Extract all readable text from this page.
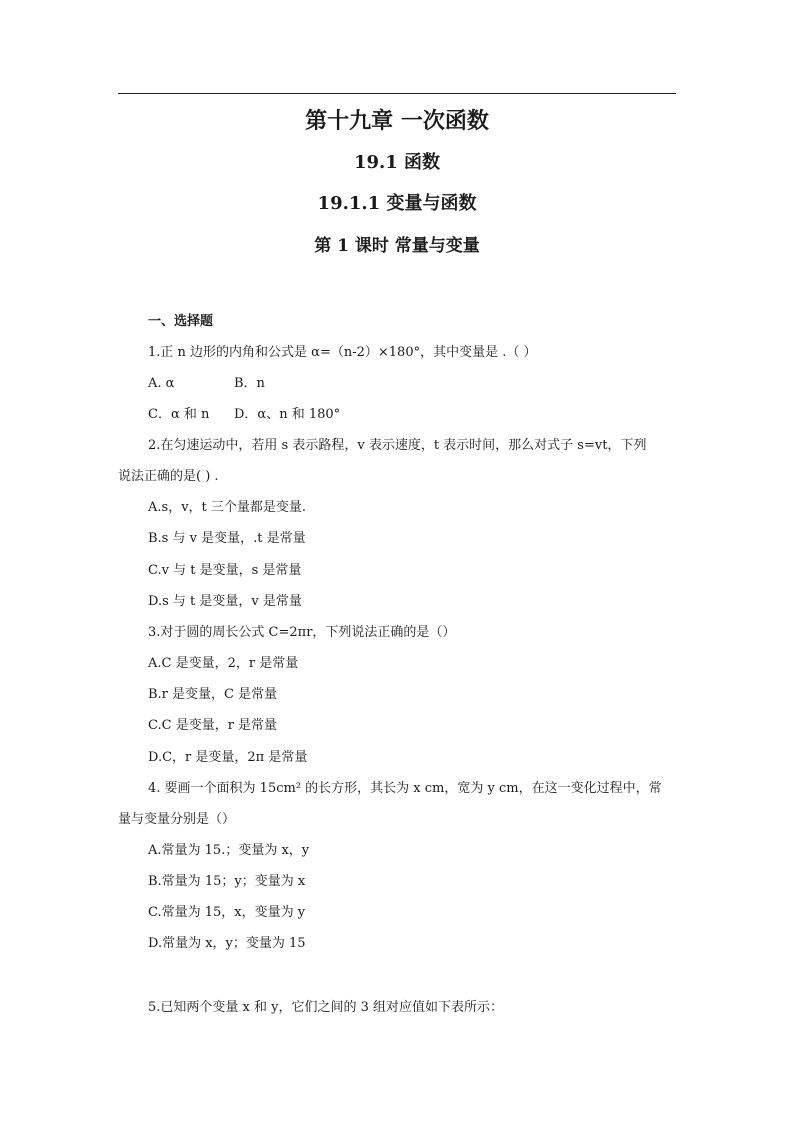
第十九章 一次函数
19.1 函数
19.1.1 变量与函数
第 1 课时 常量与变量
一、选择题
1.正 n 边形的内角和公式是 α=（n-2）×180°，其中变量是 .（ ）
A. α	B．n
C．α 和 n D．α、n 和 180°
2.在匀速运动中，若用 s 表示路程，v 表示速度，t 表示时间，那么对式子 s=vt，下列
说法正确的是( ) .
A.s，v，t 三个量都是变量.
B.s 与 v 是变量，.t 是常量
C.v 与 t 是变量，s 是常量
D.s 与 t 是变量，v 是常量
3.对于圆的周长公式 C=2πr，下列说法正确的是（）
A.C 是变量，2，r 是常量
B.r 是变量，C 是常量
C.C 是变量，r 是常量
D.C，r 是变量，2π 是常量
4. 要画一个面积为 15cm² 的长方形，其长为 x cm，宽为 y cm，在这一变化过程中，常
量与变量分别是（）
A.常量为 15.；变量为 x，y
B.常量为 15；y；变量为 x
C.常量为 15，x，变量为 y
D.常量为 x，y；变量为 15
5.已知两个变量 x 和 y，它们之间的 3 组对应值如下表所示：
